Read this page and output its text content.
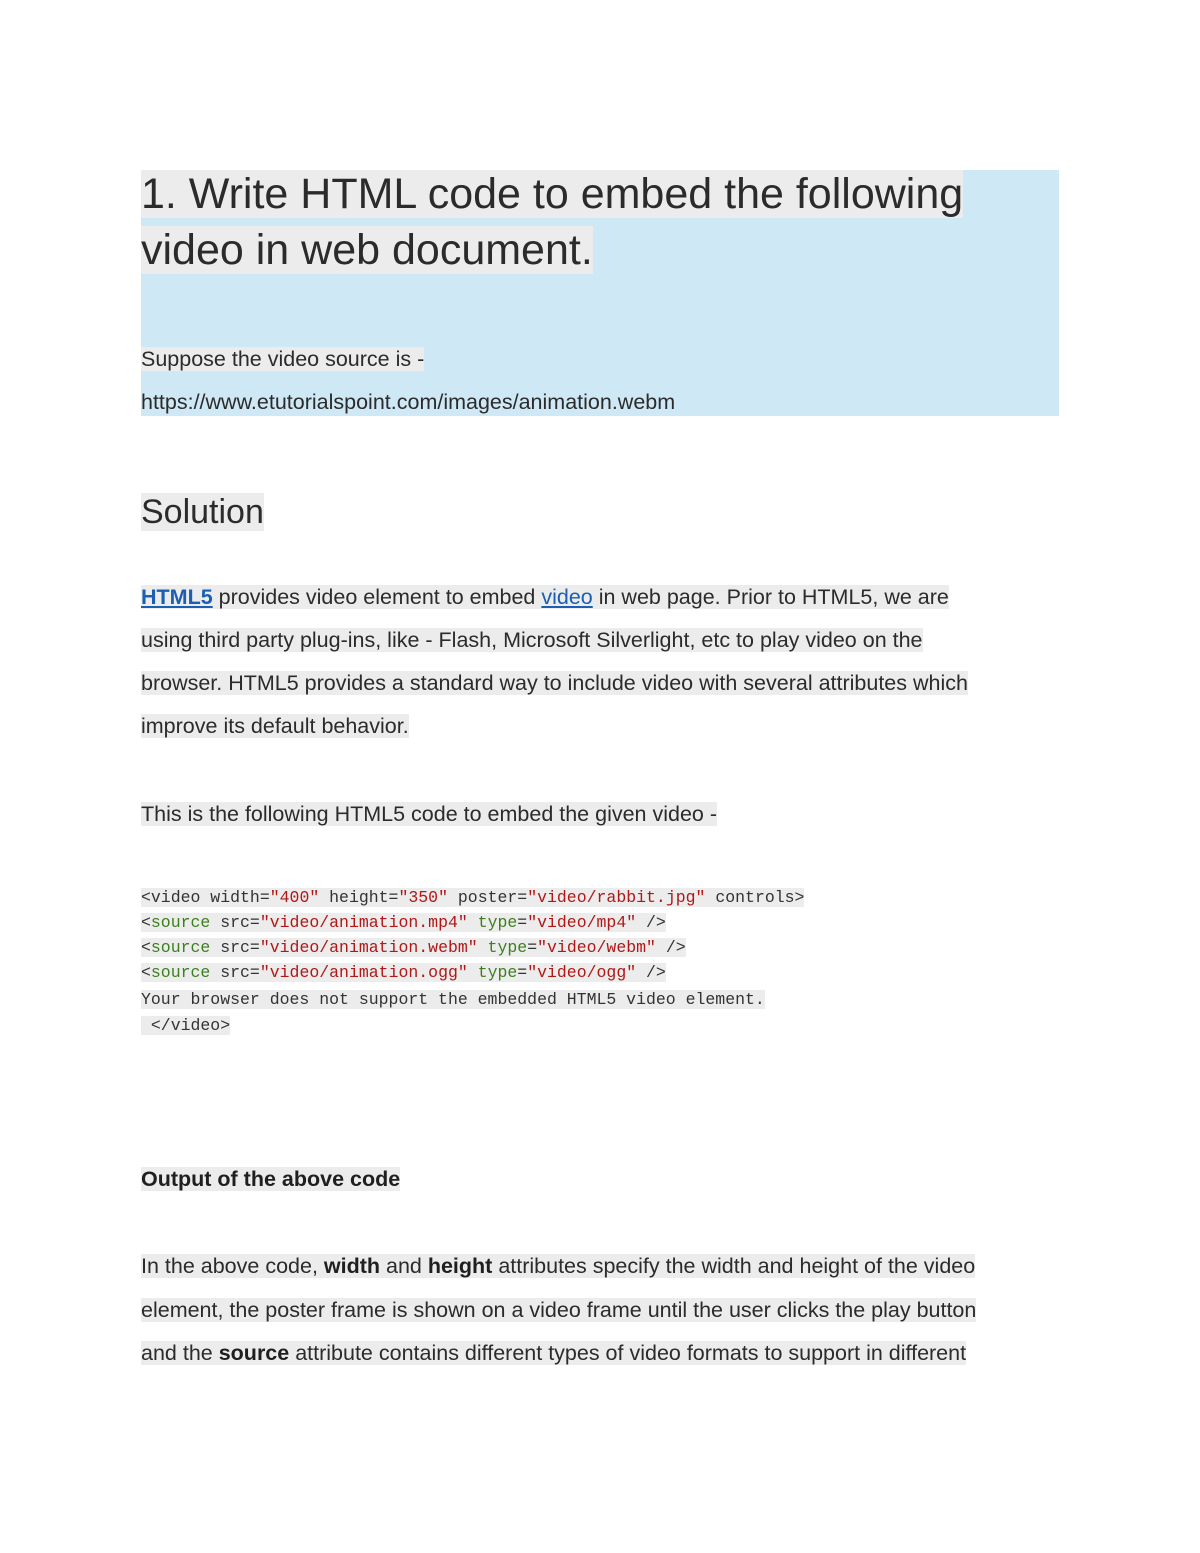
1. Write HTML code to embed the following video in web document.

Suppose the video source is -

https://www.etutorialspoint.com/images/animation.webm

Solution

HTML5 provides video element to embed video in web page. Prior to HTML5, we are

using third party plug-ins, like - Flash, Microsoft Silverlight, etc to play video on the

browser. HTML5 provides a standard way to include video with several attributes which

improve its default behavior.

This is the following HTML5 code to embed the given video -

<video width="400" height="350" poster="video/rabbit.jpg" controls>
<source src="video/animation.mp4" type="video/mp4" />
<source src="video/animation.webm" type="video/webm" />
<source src="video/animation.ogg" type="video/ogg" />
Your browser does not support the embedded HTML5 video element.
</video>

Output of the above code

In the above code, width and height attributes specify the width and height of the video

element, the poster frame is shown on a video frame until the user clicks the play button

and the source attribute contains different types of video formats to support in different
